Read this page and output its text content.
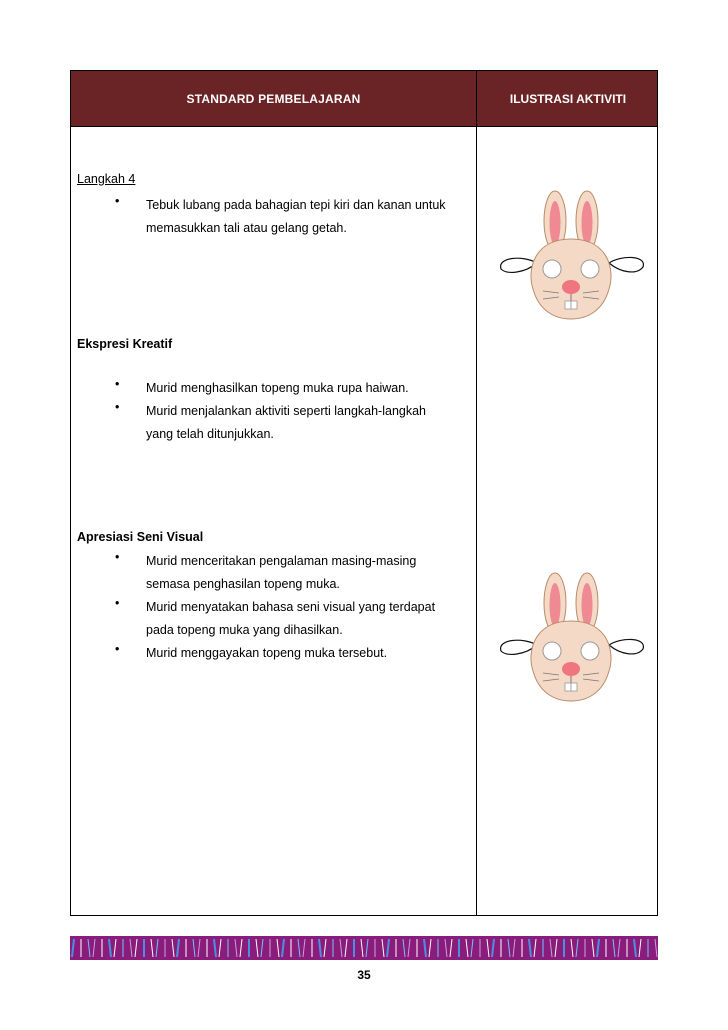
STANDARD PEMBELAJARAN	ILUSTRASI AKTIVITI
Langkah 4
• Tebuk lubang pada bahagian tepi kiri dan kanan untuk
memasukkan tali atau gelang getah.
Ekspresi Kreatif
• Murid menghasilkan topeng muka rupa haiwan.
• Murid menjalankan aktiviti seperti langkah-langkah
yang telah ditunjukkan.
Apresiasi Seni Visual
• Murid menceritakan pengalaman masing-masing
semasa penghasilan topeng muka.
• Murid menyatakan bahasa seni visual yang terdapat
pada topeng muka yang dihasilkan.
• Murid menggayakan topeng muka tersebut.
35
